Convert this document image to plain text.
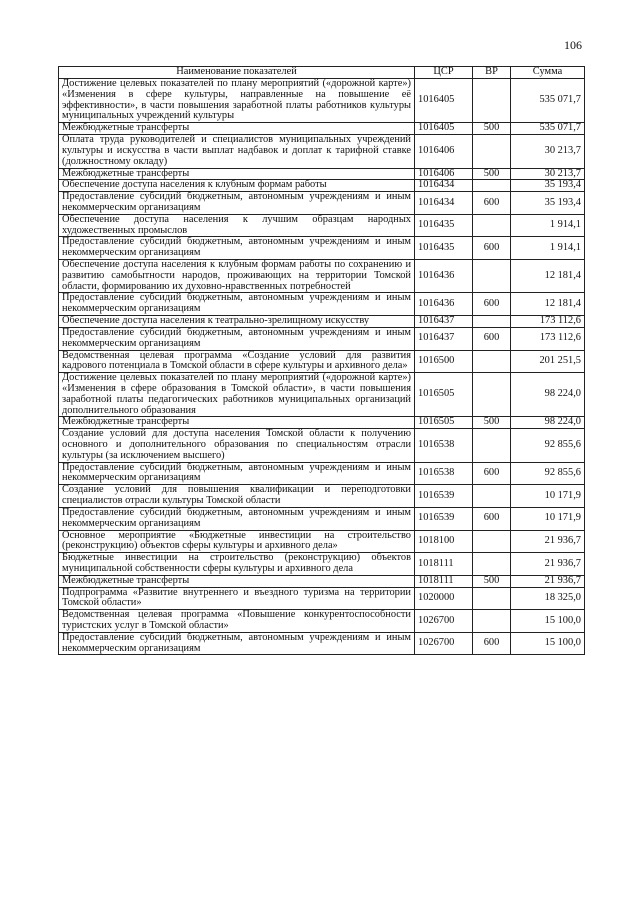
106
Наименование показателей	ЦСР	ВР	Сумма
Достижение целевых показателей по плану мероприятий («дорожной карте») «Изменения в сфере культуры, направленные на повышение её эффективности», в части повышения заработной платы работников культуры муниципальных учреждений культуры	1016405		535 071,7
Межбюджетные трансферты	1016405	500	535 071,7
Оплата труда руководителей и специалистов муниципальных учреждений культуры и искусства в части выплат надбавок и доплат к тарифной ставке (должностному окладу)	1016406		30 213,7
Межбюджетные трансферты	1016406	500	30 213,7
Обеспечение доступа населения к клубным формам работы	1016434		35 193,4
Предоставление субсидий бюджетным, автономным учреждениям и иным некоммерческим организациям	1016434	600	35 193,4
Обеспечение доступа населения к лучшим образцам народных художественных промыслов	1016435		1 914,1
Предоставление субсидий бюджетным, автономным учреждениям и иным некоммерческим организациям	1016435	600	1 914,1
Обеспечение доступа населения к клубным формам работы по сохранению и развитию самобытности народов, проживающих на территории Томской области, формированию их духовно-нравственных потребностей	1016436		12 181,4
Предоставление субсидий бюджетным, автономным учреждениям и иным некоммерческим организациям	1016436	600	12 181,4
Обеспечение доступа населения к театрально-зрелищному искусству	1016437		173 112,6
Предоставление субсидий бюджетным, автономным учреждениям и иным некоммерческим организациям	1016437	600	173 112,6
Ведомственная целевая программа «Создание условий для развития кадрового потенциала в Томской области в сфере культуры и архивного дела»	1016500		201 251,5
Достижение целевых показателей по плану мероприятий («дорожной карте») «Изменения в сфере образования в Томской области», в части повышения заработной платы педагогических работников муниципальных организаций дополнительного образования	1016505		98 224,0
Межбюджетные трансферты	1016505	500	98 224,0
Создание условий для доступа населения Томской области к получению основного и дополнительного образования по специальностям отрасли культуры (за исключением высшего)	1016538		92 855,6
Предоставление субсидий бюджетным, автономным учреждениям и иным некоммерческим организациям	1016538	600	92 855,6
Создание условий для повышения квалификации и переподготовки специалистов отрасли культуры Томской области	1016539		10 171,9
Предоставление субсидий бюджетным, автономным учреждениям и иным некоммерческим организациям	1016539	600	10 171,9
Основное мероприятие «Бюджетные инвестиции на строительство (реконструкцию) объектов сферы культуры и архивного дела»	1018100		21 936,7
Бюджетные инвестиции на строительство (реконструкцию) объектов муниципальной собственности сферы культуры и архивного дела	1018111		21 936,7
Межбюджетные трансферты	1018111	500	21 936,7
Подпрограмма «Развитие внутреннего и въездного туризма на территории Томской области»	1020000		18 325,0
Ведомственная целевая программа «Повышение конкурентоспособности туристских услуг в Томской области»	1026700		15 100,0
Предоставление субсидий бюджетным, автономным учреждениям и иным некоммерческим организациям	1026700	600	15 100,0
